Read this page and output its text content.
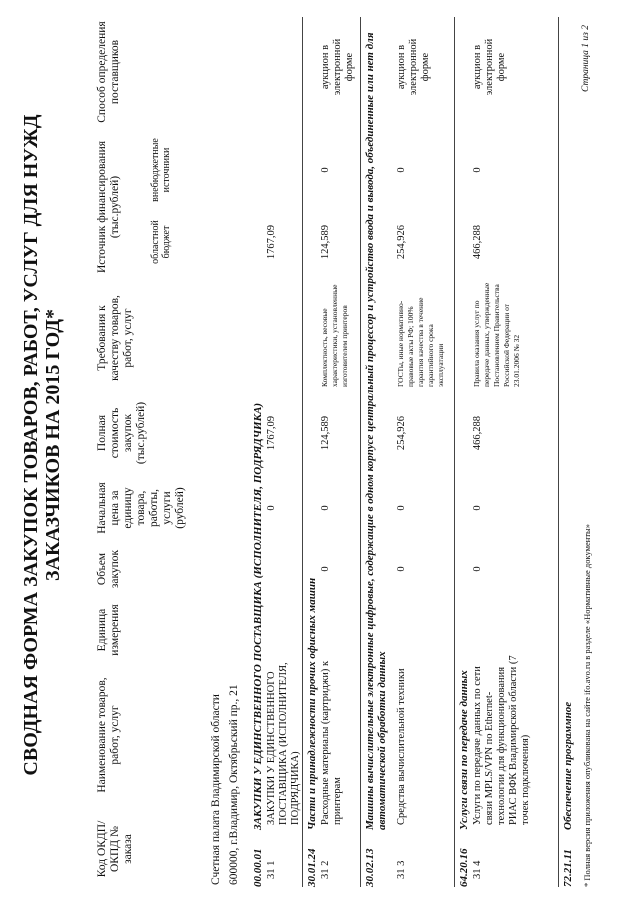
СВОДНАЯ ФОРМА ЗАКУПОК ТОВАРОВ, РАБОТ, УСЛУГ ДЛЯ НУЖД ЗАКАЗЧИКОВ НА 2015 ГОД*
Код ОКДП/ ОКПД № заказа
Наименование товаров, работ, услуг
Единица измерения
Объем закупок
Начальная цена за единицу товара, работы, услуги (рублей)
Полная стоимость закупок (тыс.рублей)
Требования к качеству товаров, работ, услуг
Источник финансирования (тыс.рублей)
областной бюджет
внебюджетные источники
Способ определения поставщиков
Счетная палата Владимирской области 600000, г.Владимир, Октябрьский пр., 21 00.00.01
ЗАКУПКИ У ЕДИНСТВЕННОГО ПОСТАВЩИКА (ИСПОЛНИТЕЛЯ, ПОДРЯДЧИКА)
31 1
ЗАКУПКИ У ЕДИНСТВЕННОГО ПОСТАВЩИКА (ИСПОЛНИТЕЛЯ, ПОДРЯДЧИКА)
0
1767,09
1767,09
30.01.24
Части и принадлежности прочих офисных машин
31 2
Расходные материалы (картриджи) к принтерам
0
0
124,589
Комплектность, весовые характеристики, установленные изготовителем принтеров
124,589
0
аукцион в электронной форме
30.02.13
Машины вычислительные электронные цифровые, содержащие в одном корпусе центральный процессор и устройство ввода и вывода, объединенные или нет для автоматической обработки данных
31 3
Средства вычислительной техники
0
0
254,926
ГОСТы, иные нормативно-правовые акты РФ; 100% гарантия качества в течение гарантийного срока эксплуатации
254,926
0
аукцион в электронной форме
64.20.16
Услуги связи по передаче данных
31 4
Услуги по передаче данных по сети связи MPLS/VPN по Ethernet-технологии для функционирования РИАС ВФК Владимирской области (7 точек подключения)
0
0
466,288
Правила оказания услуг по передаче данных, утвержденные Постановлением Правительства Российской Федерации от 23.01.2006 № 32
466,288
0
аукцион в электронной форме
72.21.11
Обеспечение программное * Полная версия приложения опубликована на сайте ifo.avo.ru в разделе «Нормативные документы»
Страница 1 из 2
